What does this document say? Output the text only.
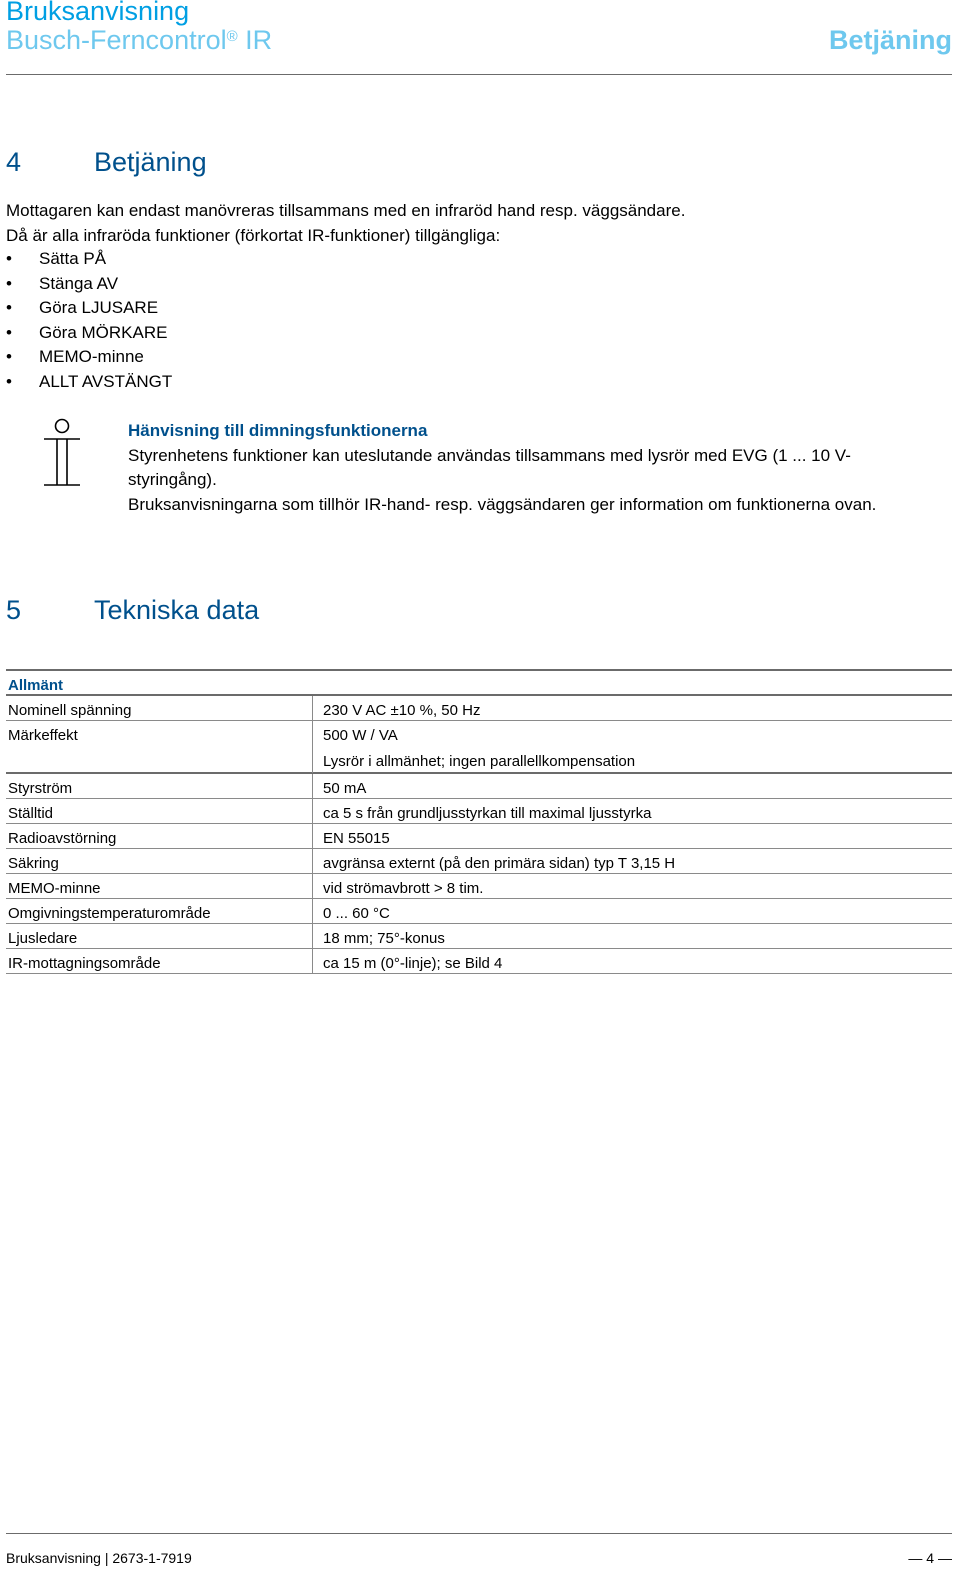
Bruksanvisning
Busch-Ferncontrol® IR	Betjäning
4	Betjäning
Mottagaren kan endast manövreras tillsammans med en infraröd hand resp. väggsändare.
Då är alla infraröda funktioner (förkortat IR-funktioner) tillgängliga:
• Sätta PÅ
• Stänga AV
• Göra LJUSARE
• Göra MÖRKARE
• MEMO-minne
• ALLT AVSTÄNGT
Hänvisning till dimningsfunktionerna
Styrenhetens funktioner kan uteslutande användas tillsammans med lysrör med EVG (1 ... 10 V-styringång).
Bruksanvisningarna som tillhör IR-hand- resp. väggsändaren ger information om funktionerna ovan.
5	Tekniska data
Allmänt
Nominell spänning	230 V AC ±10 %, 50 Hz
Märkeffekt	500 W / VA
Lysrör i allmänhet; ingen parallellkompensation
Styrström	50 mA
Ställtid	ca 5 s från grundljusstyrkan till maximal ljusstyrka
Radioavstörning	EN 55015
Säkring	avgränsa externt (på den primära sidan) typ T 3,15 H
MEMO-minne	vid strömavbrott > 8 tim.
Omgivningstemperaturområde	0 ... 60 °C
Ljusledare	18 mm; 75°-konus
IR-mottagningsområde	ca 15 m (0°-linje); se Bild 4
Bruksanvisning | 2673-1-7919	— 4 —
